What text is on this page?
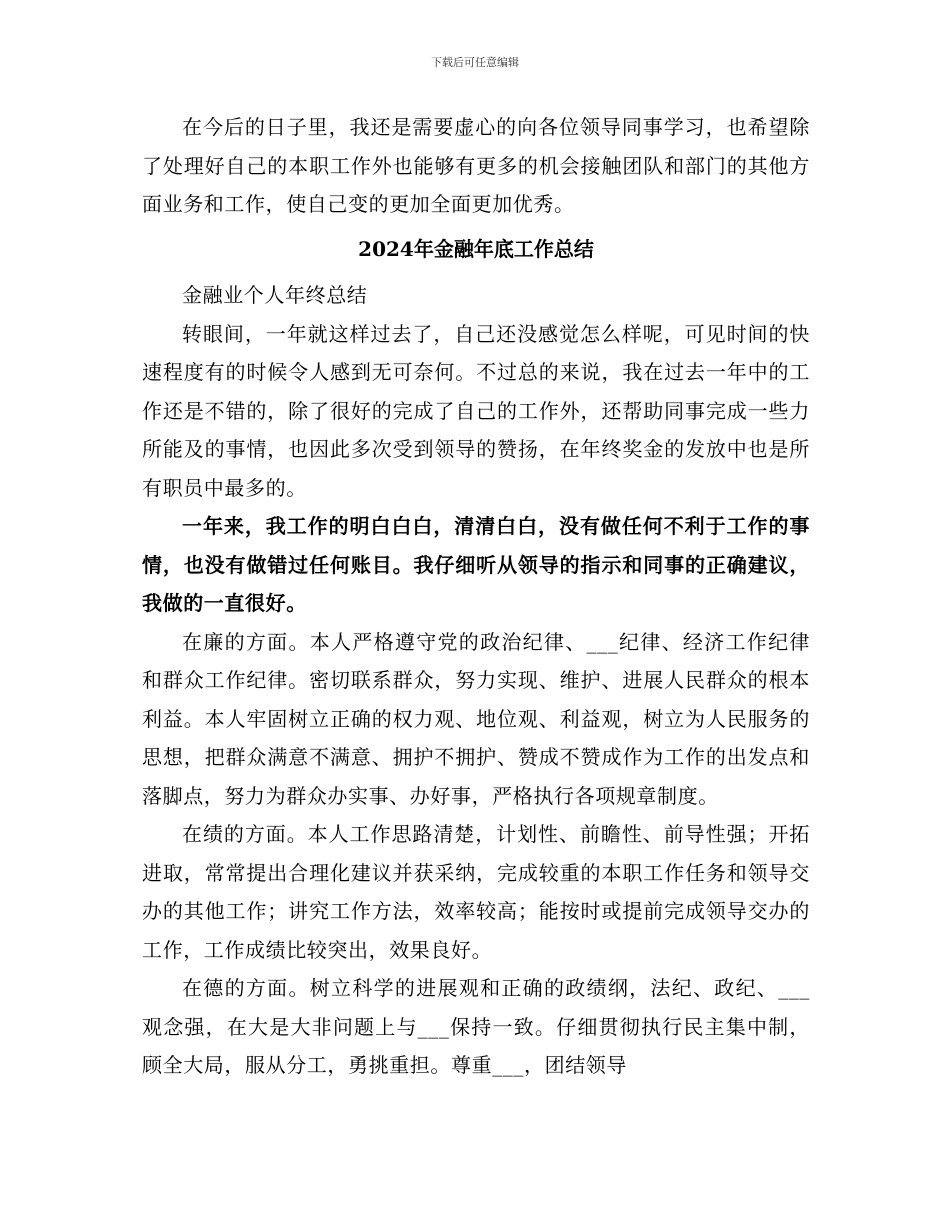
下载后可任意编辑

在今后的日子里，我还是需要虚心的向各位领导同事学习，也希望除了处理好自己的本职工作外也能够有更多的机会接触团队和部门的其他方面业务和工作，使自己变的更加全面更加优秀。

2024年金融年底工作总结

金融业个人年终总结

转眼间，一年就这样过去了，自己还没感觉怎么样呢，可见时间的快速程度有的时候令人感到无可奈何。不过总的来说，我在过去一年中的工作还是不错的，除了很好的完成了自己的工作外，还帮助同事完成一些力所能及的事情，也因此多次受到领导的赞扬，在年终奖金的发放中也是所有职员中最多的。

一年来，我工作的明白白白，清清白白，没有做任何不利于工作的事情，也没有做错过任何账目。我仔细听从领导的指示和同事的正确建议，我做的一直很好。

在廉的方面。本人严格遵守党的政治纪律、___纪律、经济工作纪律和群众工作纪律。密切联系群众，努力实现、维护、进展人民群众的根本利益。本人牢固树立正确的权力观、地位观、利益观，树立为人民服务的思想，把群众满意不满意、拥护不拥护、赞成不赞成作为工作的出发点和落脚点，努力为群众办实事、办好事，严格执行各项规章制度。

在绩的方面。本人工作思路清楚，计划性、前瞻性、前导性强；开拓进取，常常提出合理化建议并获采纳，完成较重的本职工作任务和领导交办的其他工作；讲究工作方法，效率较高；能按时或提前完成领导交办的工作，工作成绩比较突出，效果良好。

在德的方面。树立科学的进展观和正确的政绩纲，法纪、政纪、___观念强，在大是大非问题上与___保持一致。仔细贯彻执行民主集中制，顾全大局，服从分工，勇挑重担。尊重___，团结领导
